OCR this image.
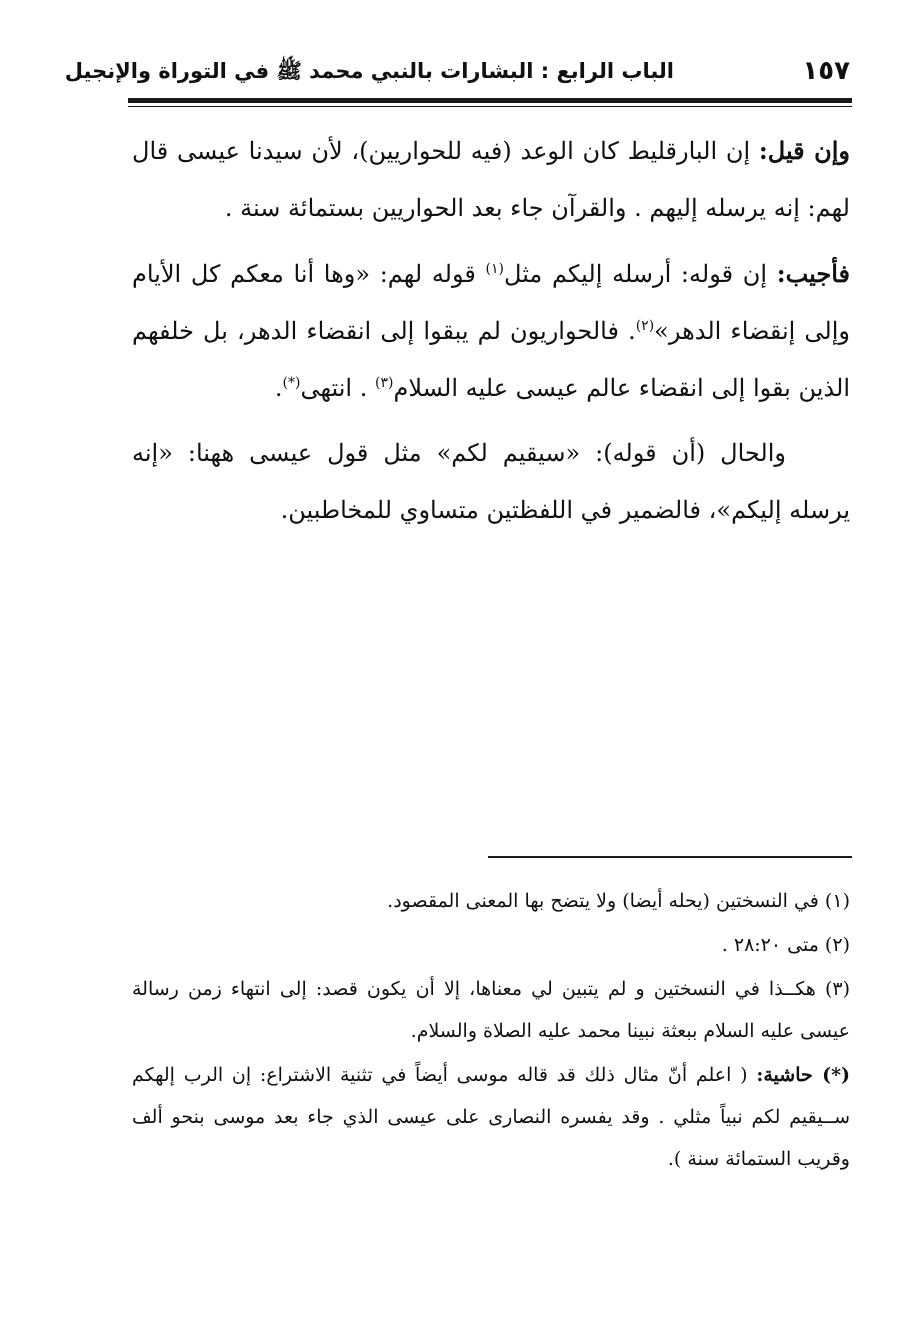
١٥٧
الباب الرابع : البشارات بالنبي محمد ﷺ في التوراة والإنجيل

وإن قيل: إن البارقليط كان الوعد (فيه للحواريين)، لأن سيدنا عيسى قال لهم: إنه يرسله إليهم . والقرآن جاء بعد الحواريين بستمائة سنة .

فأجيب: إن قوله: أرسله إليكم مثل$^{(١)}$ قوله لهم: «وها أنا معكم كل الأيام وإلى إنقضاء الدهر»$^{(٢)}$. فالحواريون لم يبقوا إلى انقضاء الدهر، بل خلفهم الذين بقوا إلى انقضاء عالم عيسى عليه السلام$^{(٣)}$ . انتهى(*).

والحال (أن قوله): «سيقيم لكم» مثل قول عيسى ههنا: «إنه يرسله إليكم»، فالضمير في اللفظتين متساوي للمخاطبين.

(١) في النسختين (يحله أيضا) ولا يتضح بها المعنى المقصود.

(٢) متى ٢٨:٢٠ .

(٣) هكــذا في النسختين و لم يتبين لي معناها، إلا أن يكون قصد: إلى انتهاء زمن رسالة عيسى عليه السلام ببعثة نبينا محمد عليه الصلاة والسلام.

(*) حاشية: ( اعلم أنّ مثال ذلك قد قاله موسى أيضاً في تثنية الاشتراع: إن الرب إلهكم ســيقيم لكم نبياً مثلي . وقد يفسره النصارى على عيسى الذي جاء بعد موسى بنحو ألف وقريب الستمائة سنة ).
